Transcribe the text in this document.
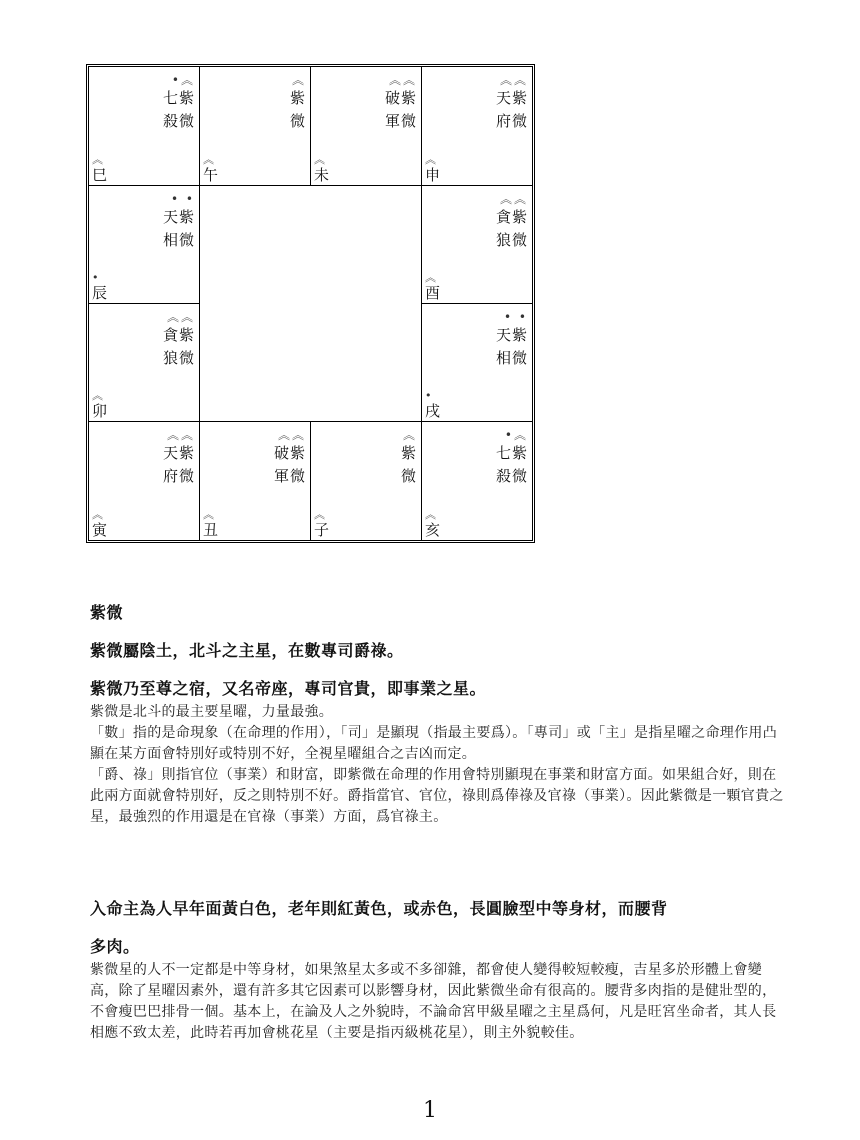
•︽
七紫
殺微
︽
巳
︽
紫
微
︽
午
︽︽
破紫
軍微
︽
未
︽︽
天紫
府微
︽
申
• •
天紫
相微
•
辰
︽︽
貪紫
狼微
︽
酉
︽︽
貪紫
狼微
︽
卯
• •
天紫
相微
•
戌
︽︽
天紫
府微
︽
寅
︽︽
破紫
軍微
︽
丑
︽
紫
微
︽
子
•︽
七紫
殺微
︽
亥

紫微

紫微屬陰土，北斗之主星，在數專司爵祿。

紫微乃至尊之宿，又名帝座，專司官貴，即事業之星。

紫微是北斗的最主要星曜，力量最強。

「數」指的是命現象（在命理的作用），「司」是顯現（指最主要爲）。「專司」或「主」是指星曜之命理作用凸顯在某方面會特別好或特別不好，全視星曜組合之吉凶而定。

「爵、祿」則指官位（事業）和財富，即紫微在命理的作用會特別顯現在事業和財富方面。如果組合好，則在此兩方面就會特別好，反之則特別不好。爵指當官、官位，祿則爲俸祿及官祿（事業）。因此紫微是一顆官貴之星，最強烈的作用還是在官祿（事業）方面，爲官祿主。

入命主為人早年面黃白色，老年則紅黃色，或赤色，長圓臉型中等身材，而腰背

多肉。

紫微星的人不一定都是中等身材，如果煞星太多或不多卻雜，都會使人變得較短較瘦，吉星多於形體上會變高，除了星曜因素外，還有許多其它因素可以影響身材，因此紫微坐命有很高的。腰背多肉指的是健壯型的，不會瘦巴巴排骨一個。基本上，在論及人之外貌時，不論命宮甲級星曜之主星爲何，凡是旺宮坐命者，其人長相應不致太差，此時若再加會桃花星（主要是指丙級桃花星），則主外貌較佳。

1
